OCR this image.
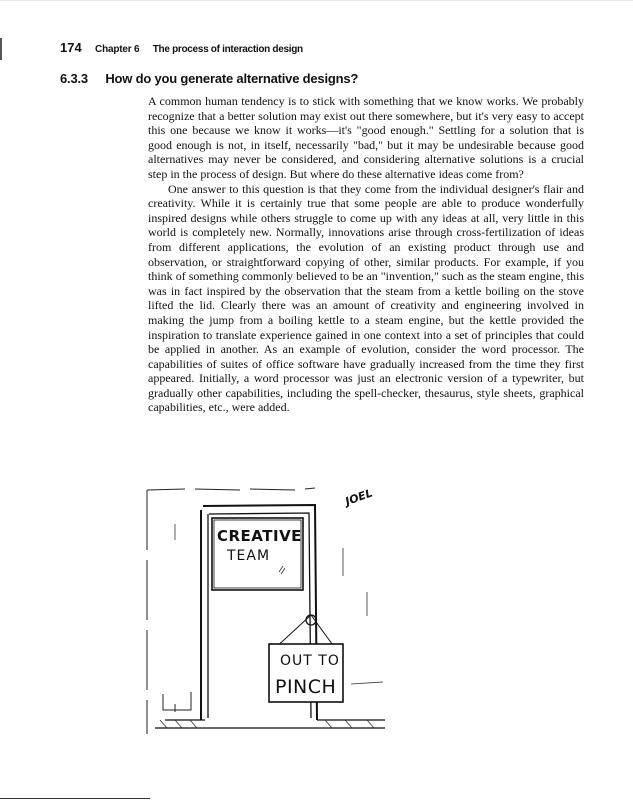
174 Chapter 6 The process of interaction design
6.3.3 How do you generate alternative designs?

A common human tendency is to stick with something that we know works. We probably recognize that a better solution may exist out there somewhere, but it's very easy to accept this one because we know it works—it's "good enough." Settling for a solution that is good enough is not, in itself, necessarily "bad," but it may be undesirable because good alternatives may never be considered, and considering alternative solutions is a crucial step in the process of design. But where do these alternative ideas come from?

One answer to this question is that they come from the individual designer's flair and creativity. While it is certainly true that some people are able to produce wonderfully inspired designs while others struggle to come up with any ideas at all, very little in this world is completely new. Normally, innovations arise through cross-fertilization of ideas from different applications, the evolution of an existing product through use and observation, or straightforward copying of other, similar products. For example, if you think of something commonly believed to be an "invention," such as the steam engine, this was in fact inspired by the observation that the steam from a kettle boiling on the stove lifted the lid. Clearly there was an amount of creativity and engineering involved in making the jump from a boiling kettle to a steam engine, but the kettle provided the inspiration to translate experience gained in one context into a set of principles that could be applied in another. As an example of evolution, consider the word processor. The capabilities of suites of office software have gradually increased from the time they first appeared. Initially, a word processor was just an electronic version of a typewriter, but gradually other capabilities, including the spell-checker, thesaurus, style sheets, graphical capabilities, etc., were added.

CREATIVE
TEAM
OUT TO
PINCH
JOEL
